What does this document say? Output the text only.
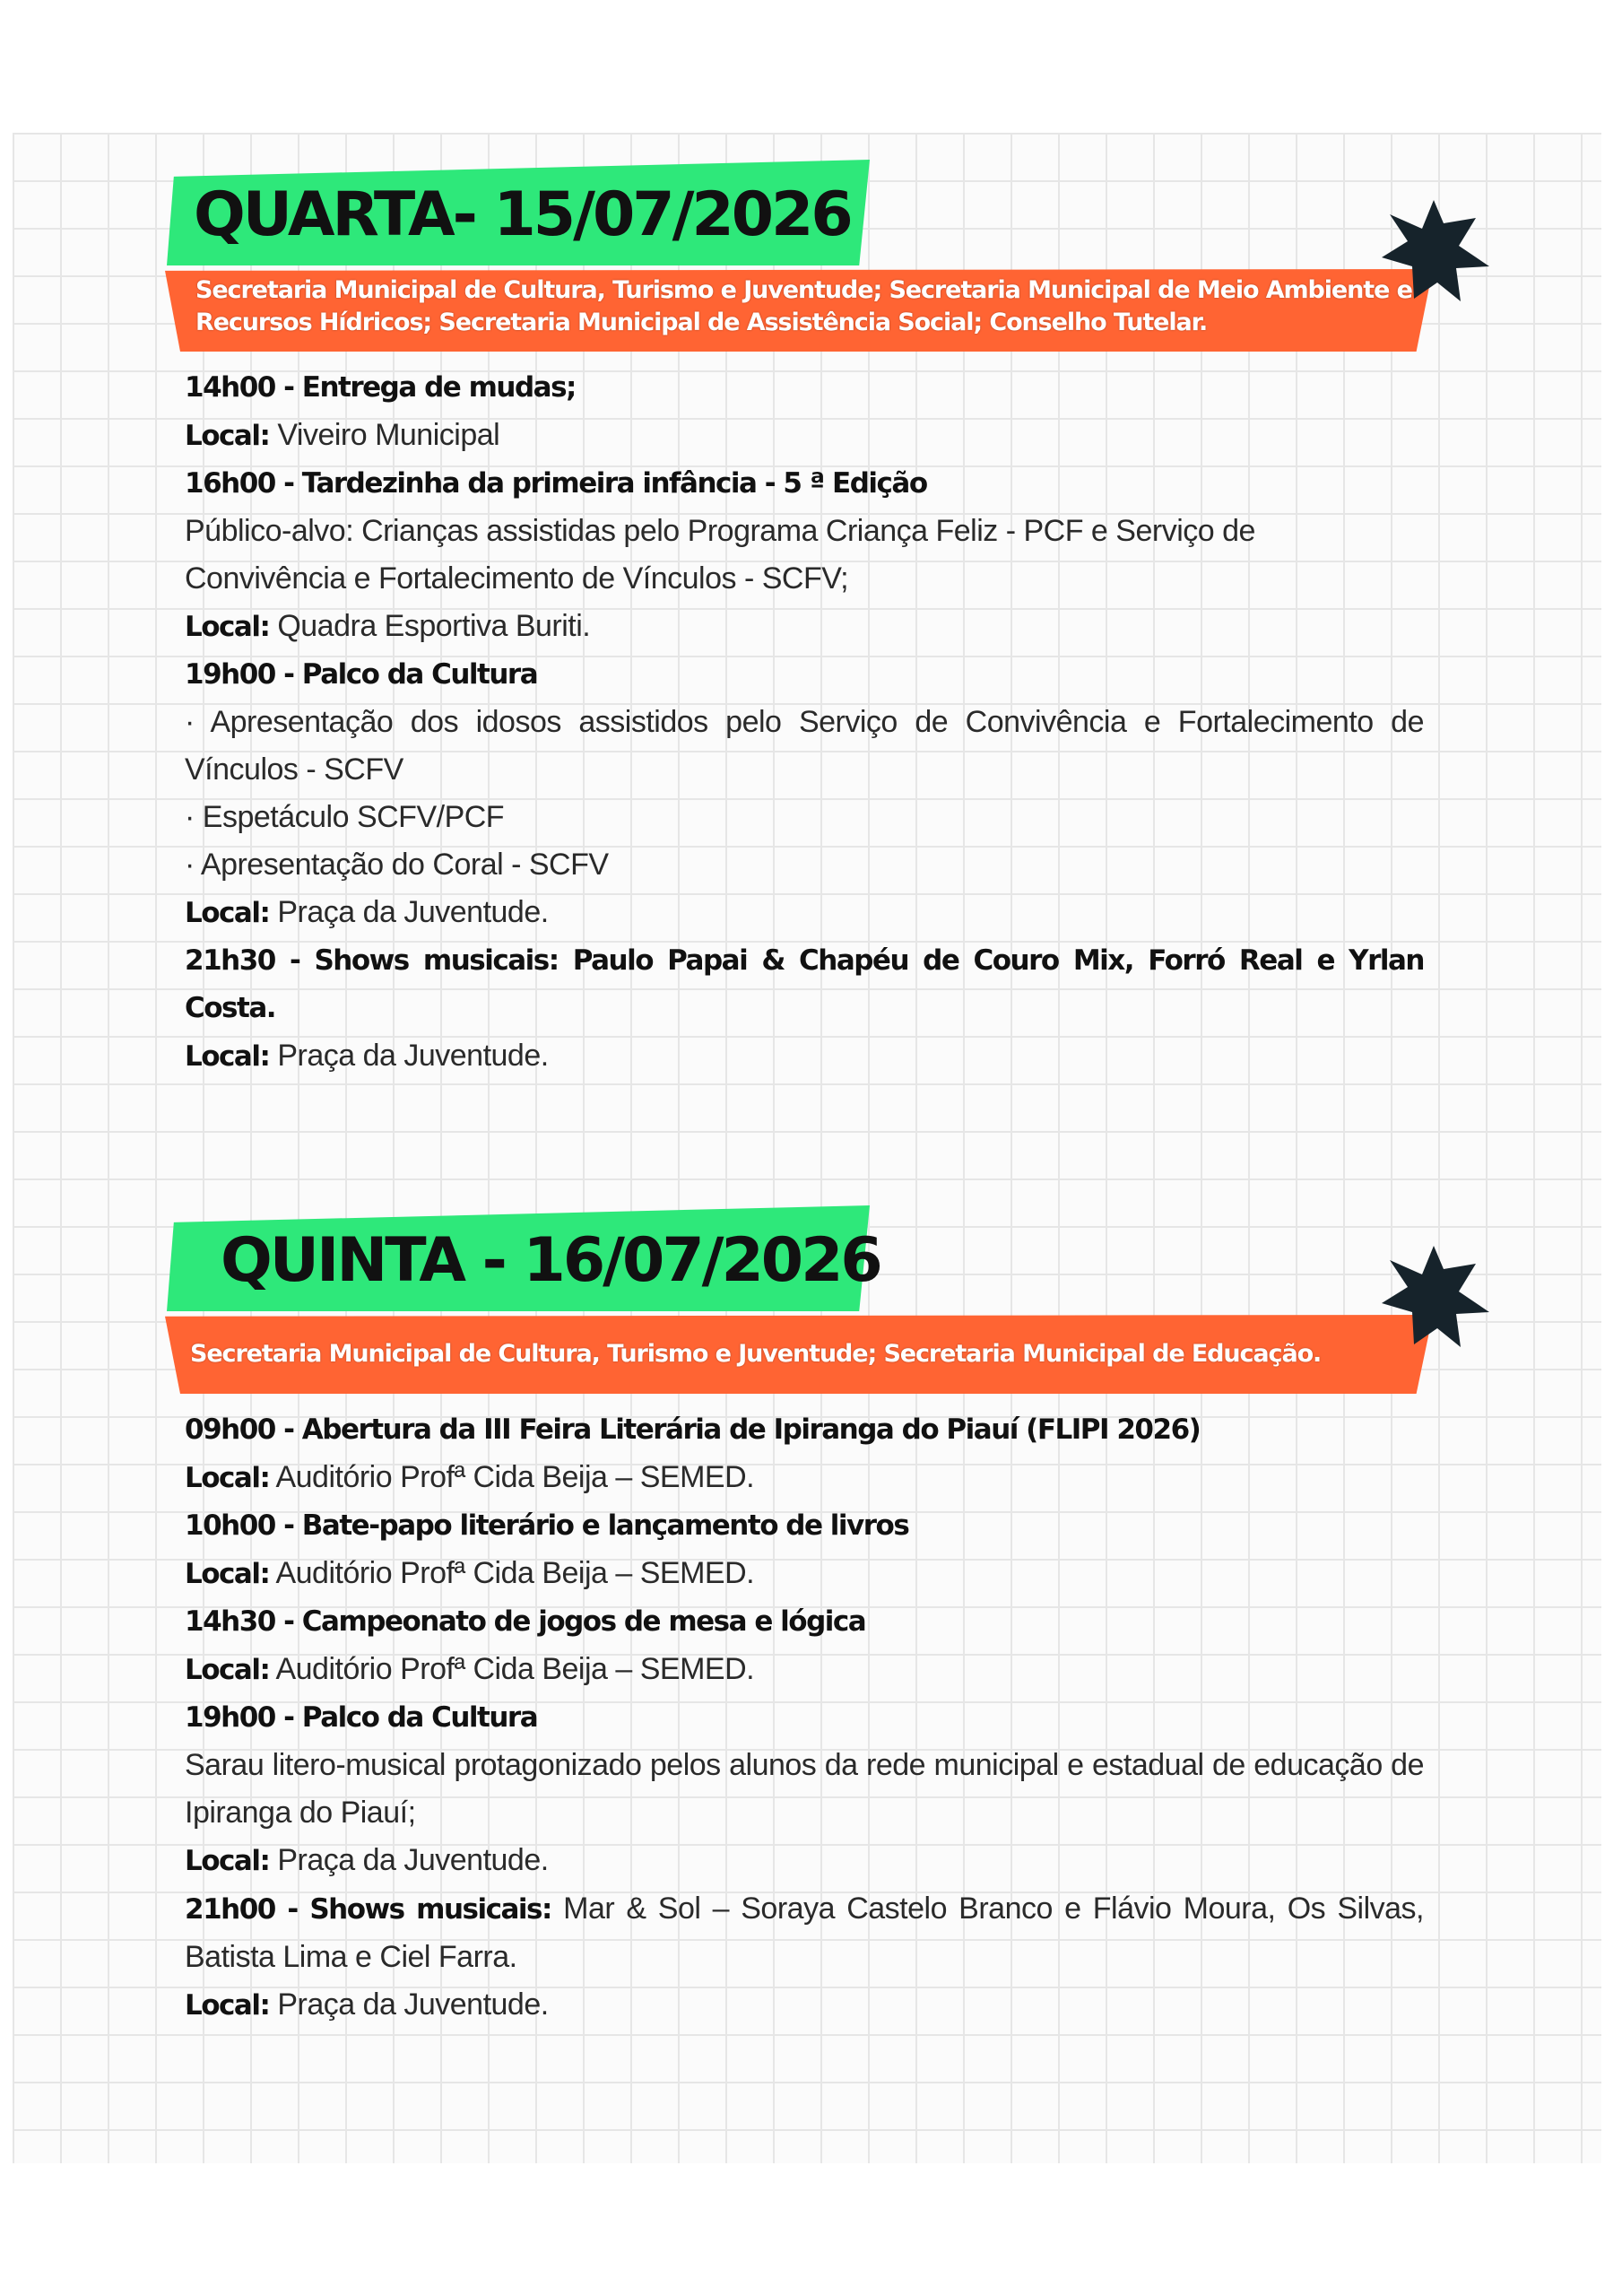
QUARTA- 15/07/2026

Secretaria Municipal de Cultura, Turismo e Juventude; Secretaria Municipal de Meio Ambiente e Recursos Hídricos; Secretaria Municipal de Assistência Social; Conselho Tutelar.

14h00 - Entrega de mudas;

Local: Viveiro Municipal

16h00 - Tardezinha da primeira infância - 5 ª Edição

Público-alvo: Crianças assistidas pelo Programa Criança Feliz - PCF e Serviço de Convivência e Fortalecimento de Vínculos - SCFV;

Local: Quadra Esportiva Buriti.

19h00 - Palco da Cultura

· Apresentação dos idosos assistidos pelo Serviço de Convivência e Fortalecimento de Vínculos - SCFV

· Espetáculo SCFV/PCF

· Apresentação do Coral - SCFV

Local: Praça da Juventude.

21h30 - Shows musicais: Paulo Papai & Chapéu de Couro Mix, Forró Real e Yrlan Costa.

Local: Praça da Juventude.

QUINTA - 16/07/2026

Secretaria Municipal de Cultura, Turismo e Juventude; Secretaria Municipal de Educação.

09h00 - Abertura da III Feira Literária de Ipiranga do Piauí (FLIPI 2026)

Local: Auditório Profª Cida Beija – SEMED.

10h00 - Bate-papo literário e lançamento de livros

Local: Auditório Profª Cida Beija – SEMED.

14h30 - Campeonato de jogos de mesa e lógica

Local: Auditório Profª Cida Beija – SEMED.

19h00 - Palco da Cultura

Sarau litero-musical protagonizado pelos alunos da rede municipal e estadual de educação de Ipiranga do Piauí;

Local: Praça da Juventude.

21h00 - Shows musicais: Mar & Sol – Soraya Castelo Branco e Flávio Moura, Os Silvas, Batista Lima e Ciel Farra.

Local: Praça da Juventude.
